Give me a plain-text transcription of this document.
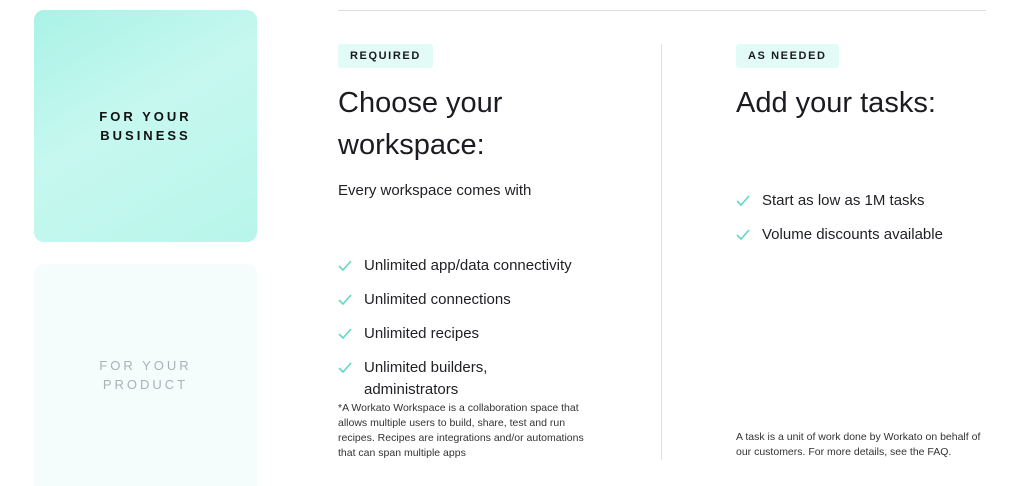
FOR YOUR
BUSINESS
FOR YOUR
PRODUCT
REQUIRED
Choose your
workspace:

Every workspace comes with

Unlimited app/data connectivity
Unlimited connections
Unlimited recipes
Unlimited builders, administrators

*A Workato Workspace is a collaboration space that allows multiple users to build, share, test and run recipes. Recipes are integrations and/or automations that can span multiple apps

AS NEEDED
Add your tasks:
Start as low as 1M tasks
Volume discounts available

A task is a unit of work done by Workato on behalf of our customers. For more details, see the FAQ.
